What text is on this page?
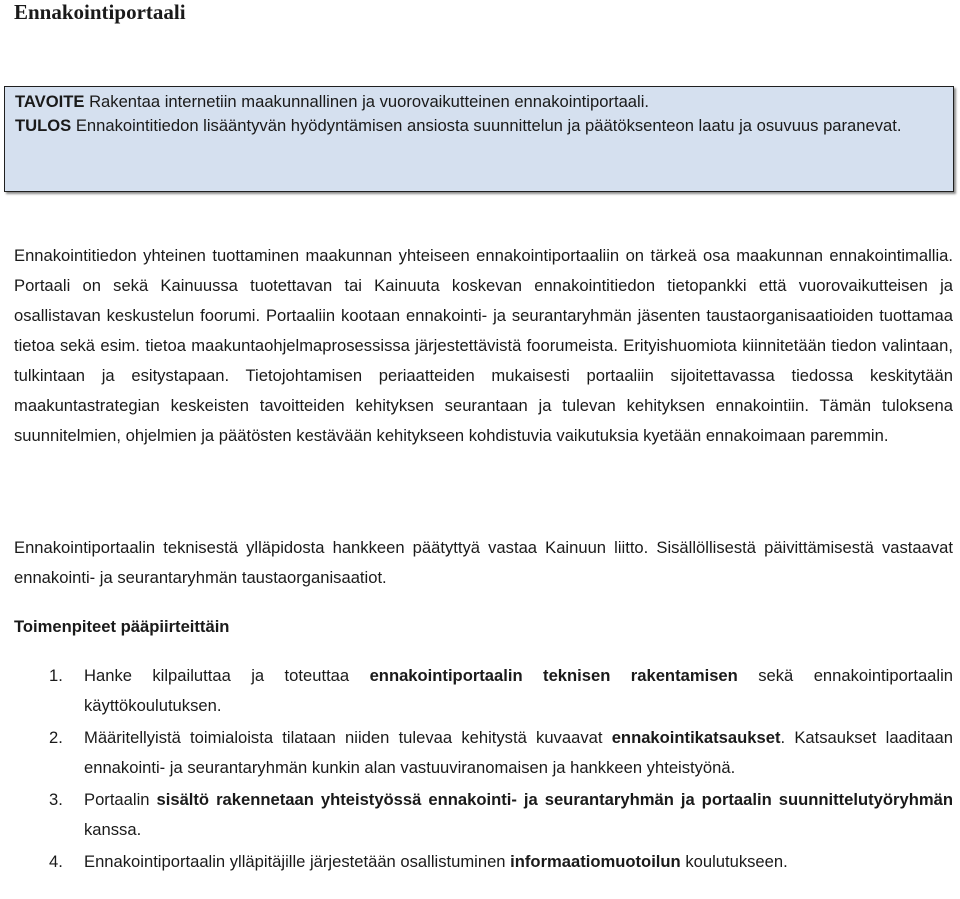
Ennakointiportaali

TAVOITE Rakentaa internetiin maakunnallinen ja vuorovaikutteinen ennakointiportaali.

TULOS Ennakointitiedon lisääntyvän hyödyntämisen ansiosta suunnittelun ja päätöksenteon laatu ja osuvuus paranevat.

Ennakointitiedon yhteinen tuottaminen maakunnan yhteiseen ennakointiportaaliin on tärkeä osa maakunnan ennakointimallia. Portaali on sekä Kainuussa tuotettavan tai Kainuuta koskevan ennakointitiedon tietopankki että vuorovaikutteisen ja osallistavan keskustelun foorumi. Portaaliin kootaan ennakointi- ja seurantaryhmän jäsenten taustaorganisaatioiden tuottamaa tietoa sekä esim. tietoa maakuntaohjelmaprosessissa järjestettävistä foorumeista. Erityishuomiota kiinnitetään tiedon valintaan, tulkintaan ja esitystapaan. Tietojohtamisen periaatteiden mukaisesti portaaliin sijoitettavassa tiedossa keskitytään maakuntastrategian keskeisten tavoitteiden kehityksen seurantaan ja tulevan kehityksen ennakointiin. Tämän tuloksena suunnitelmien, ohjelmien ja päätösten kestävään kehitykseen kohdistuvia vaikutuksia kyetään ennakoimaan paremmin.

Ennakointiportaalin teknisestä ylläpidosta hankkeen päätyttyä vastaa Kainuun liitto. Sisällöllisestä päivittämisestä vastaavat ennakointi- ja seurantaryhmän taustaorganisaatiot.

Toimenpiteet pääpiirteittäin
1. Hanke kilpailuttaa ja toteuttaa ennakointiportaalin teknisen rakentamisen sekä ennakointiportaalin käyttökoulutuksen.
2. Määritellyistä toimialoista tilataan niiden tulevaa kehitystä kuvaavat ennakointikatsaukset. Katsaukset laaditaan ennakointi- ja seurantaryhmän kunkin alan vastuuviranomaisen ja hankkeen yhteistyönä.
3. Portaalin sisältö rakennetaan yhteistyössä ennakointi- ja seurantaryhmän ja portaalin suunnittelutyöryhmän kanssa.
4. Ennakointiportaalin ylläpitäjille järjestetään osallistuminen informaatiomuotoilun koulutukseen.
